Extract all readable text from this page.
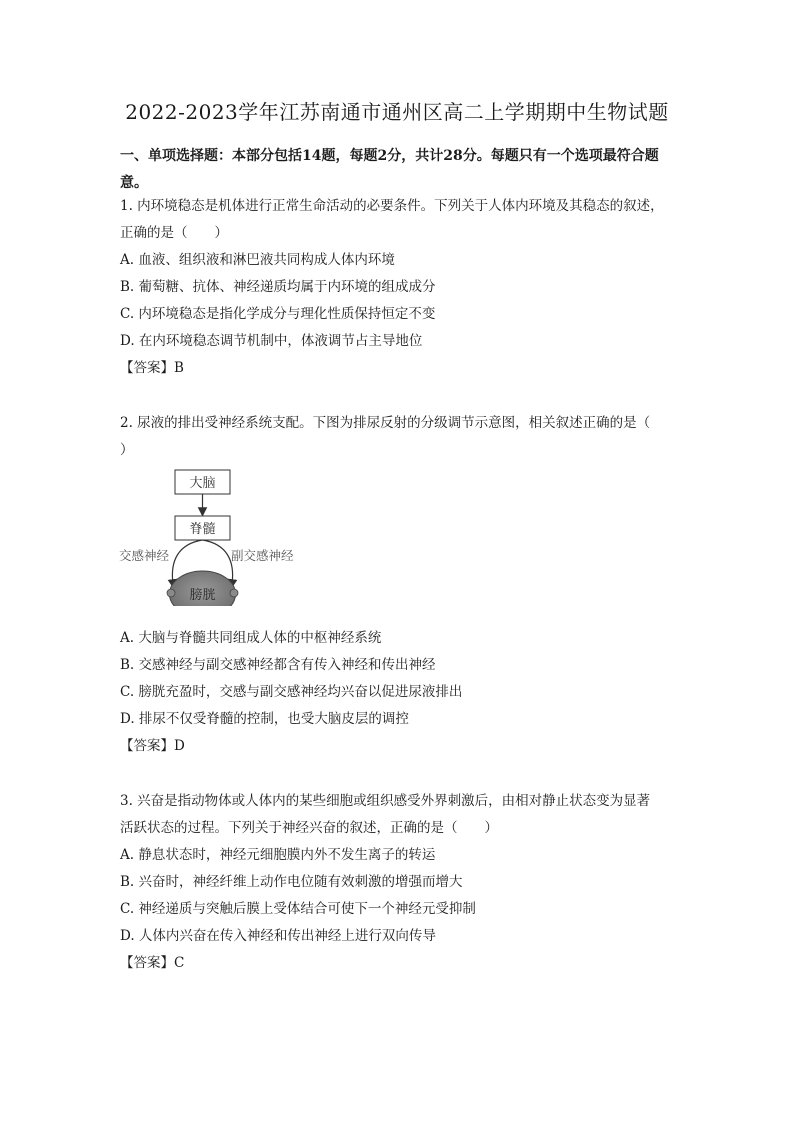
2022-2023学年江苏南通市通州区高二上学期期中生物试题
一、单项选择题：本部分包括14题，每题2分，共计28分。每题只有一个选项最符合题意。
1. 内环境稳态是机体进行正常生命活动的必要条件。下列关于人体内环境及其稳态的叙述，
正确的是（　　）
A. 血液、组织液和淋巴液共同构成人体内环境
B. 葡萄糖、抗体、神经递质均属于内环境的组成成分
C. 内环境稳态是指化学成分与理化性质保持恒定不变
D. 在内环境稳态调节机制中，体液调节占主导地位
【答案】B
2. 尿液的排出受神经系统支配。下图为排尿反射的分级调节示意图，相关叙述正确的是（
）
大脑
脊髓
交感神经	副交感神经
膀胱
A. 大脑与脊髓共同组成人体的中枢神经系统
B. 交感神经与副交感神经都含有传入神经和传出神经
C. 膀胱充盈时，交感与副交感神经均兴奋以促进尿液排出
D. 排尿不仅受脊髓的控制，也受大脑皮层的调控
【答案】D
3. 兴奋是指动物体或人体内的某些细胞或组织感受外界刺激后，由相对静止状态变为显著
活跃状态的过程。下列关于神经兴奋的叙述，正确的是（　　）
A. 静息状态时，神经元细胞膜内外不发生离子的转运
B. 兴奋时，神经纤维上动作电位随有效刺激的增强而增大
C. 神经递质与突触后膜上受体结合可使下一个神经元受抑制
D. 人体内兴奋在传入神经和传出神经上进行双向传导
【答案】C
